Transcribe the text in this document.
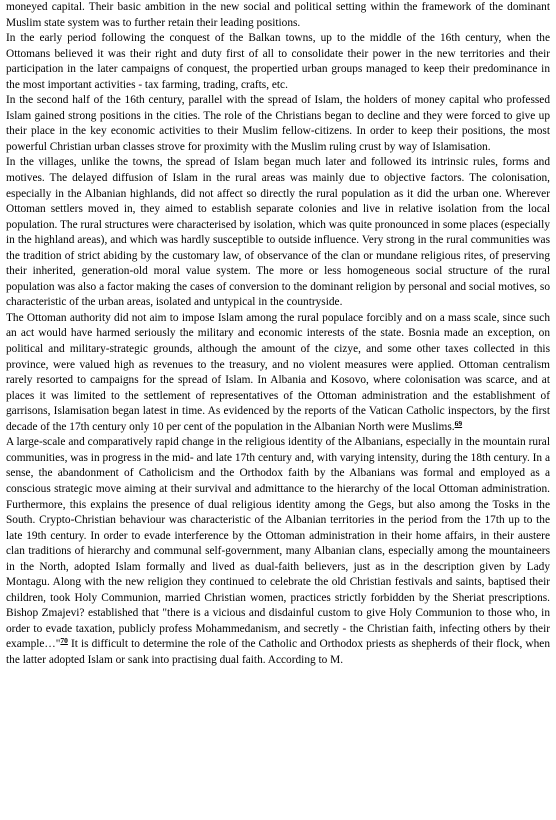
moneyed capital. Their basic ambition in the new social and political setting within the framework of the dominant Muslim state system was to further retain their leading positions.

In the early period following the conquest of the Balkan towns, up to the middle of the 16th century, when the Ottomans believed it was their right and duty first of all to consolidate their power in the new territories and their participation in the later campaigns of conquest, the propertied urban groups managed to keep their predominance in the most important activities - tax farming, trading, crafts, etc.

In the second half of the 16th century, parallel with the spread of Islam, the holders of money capital who professed Islam gained strong positions in the cities. The role of the Christians began to decline and they were forced to give up their place in the key economic activities to their Muslim fellow-citizens. In order to keep their positions, the most powerful Christian urban classes strove for proximity with the Muslim ruling crust by way of Islamisation.

In the villages, unlike the towns, the spread of Islam began much later and followed its intrinsic rules, forms and motives. The delayed diffusion of Islam in the rural areas was mainly due to objective factors. The colonisation, especially in the Albanian highlands, did not affect so directly the rural population as it did the urban one. Wherever Ottoman settlers moved in, they aimed to establish separate colonies and live in relative isolation from the local population. The rural structures were characterised by isolation, which was quite pronounced in some places (especially in the highland areas), and which was hardly susceptible to outside influence. Very strong in the rural communities was the tradition of strict abiding by the customary law, of observance of the clan or mundane religious rites, of preserving their inherited, generation-old moral value system. The more or less homogeneous social structure of the rural population was also a factor making the cases of conversion to the dominant religion by personal and social motives, so characteristic of the urban areas, isolated and untypical in the countryside.

The Ottoman authority did not aim to impose Islam among the rural populace forcibly and on a mass scale, since such an act would have harmed seriously the military and economic interests of the state. Bosnia made an exception, on political and military-strategic grounds, although the amount of the cizye, and some other taxes collected in this province, were valued high as revenues to the treasury, and no violent measures were applied. Ottoman centralism rarely resorted to campaigns for the spread of Islam. In Albania and Kosovo, where colonisation was scarce, and at places it was limited to the settlement of representatives of the Ottoman administration and the establishment of garrisons, Islamisation began latest in time. As evidenced by the reports of the Vatican Catholic inspectors, by the first decade of the 17th century only 10 per cent of the population in the Albanian North were Muslims.$^{69}$

A large-scale and comparatively rapid change in the religious identity of the Albanians, especially in the mountain rural communities, was in progress in the mid- and late 17th century and, with varying intensity, during the 18th century. In a sense, the abandonment of Catholicism and the Orthodox faith by the Albanians was formal and employed as a conscious strategic move aiming at their survival and admittance to the hierarchy of the local Ottoman administration. Furthermore, this explains the presence of dual religious identity among the Gegs, but also among the Tosks in the South. Crypto-Christian behaviour was characteristic of the Albanian territories in the period from the 17th up to the late 19th century. In order to evade interference by the Ottoman administration in their home affairs, in their austere clan traditions of hierarchy and communal self-government, many Albanian clans, especially among the mountaineers in the North, adopted Islam formally and lived as dual-faith believers, just as in the description given by Lady Montagu. Along with the new religion they continued to celebrate the old Christian festivals and saints, baptised their children, took Holy Communion, married Christian women, practices strictly forbidden by the Sheriat prescriptions. Bishop Zmajevi? established that "there is a vicious and disdainful custom to give Holy Communion to those who, in order to evade taxation, publicly profess Mohammedanism, and secretly - the Christian faith, infecting others by their example…"$^{70}$ It is difficult to determine the role of the Catholic and Orthodox priests as shepherds of their flock, when the latter adopted Islam or sank into practising dual faith. According to M.
